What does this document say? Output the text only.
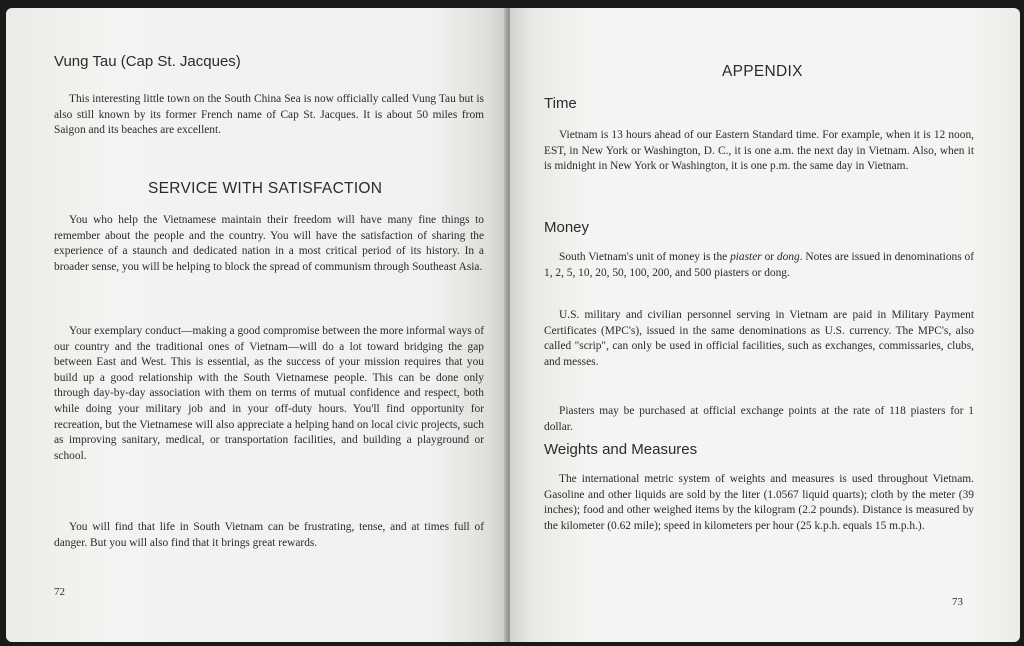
Vung Tau (Cap St. Jacques)

This interesting little town on the South China Sea is now officially called Vung Tau but is also still known by its former French name of Cap St. Jacques. It is about 50 miles from Saigon and its beaches are excellent.

SERVICE WITH SATISFACTION

You who help the Vietnamese maintain their freedom will have many fine things to remember about the people and the country. You will have the satisfaction of sharing the experience of a staunch and dedicated nation in a most critical period of its history. In a broader sense, you will be helping to block the spread of communism through Southeast Asia.

Your exemplary conduct—making a good compromise between the more informal ways of our country and the traditional ones of Vietnam—will do a lot toward bridging the gap between East and West. This is essential, as the success of your mission requires that you build up a good relationship with the South Vietnamese people. This can be done only through day-by-day association with them on terms of mutual confidence and respect, both while doing your military job and in your off-duty hours. You'll find opportunity for recreation, but the Vietnamese will also appreciate a helping hand on local civic projects, such as improving sanitary, medical, or transportation facilities, and building a playground or school.

You will find that life in South Vietnam can be frustrating, tense, and at times full of danger. But you will also find that it brings great rewards.

72
APPENDIX
Time

Vietnam is 13 hours ahead of our Eastern Standard time. For example, when it is 12 noon, EST, in New York or Washington, D. C., it is one a.m. the next day in Vietnam. Also, when it is midnight in New York or Washington, it is one p.m. the same day in Vietnam.

Money

South Vietnam's unit of money is the piaster or dong. Notes are issued in denominations of 1, 2, 5, 10, 20, 50, 100, 200, and 500 piasters or dong.

U.S. military and civilian personnel serving in Vietnam are paid in Military Payment Certificates (MPC's), issued in the same denominations as U.S. currency. The MPC's, also called "scrip", can only be used in official facilities, such as exchanges, commissaries, clubs, and messes.

Piasters may be purchased at official exchange points at the rate of 118 piasters for 1 dollar.

Weights and Measures

The international metric system of weights and measures is used throughout Vietnam. Gasoline and other liquids are sold by the liter (1.0567 liquid quarts); cloth by the meter (39 inches); food and other weighed items by the kilogram (2.2 pounds). Distance is measured by the kilometer (0.62 mile); speed in kilometers per hour (25 k.p.h. equals 15 m.p.h.).

73
